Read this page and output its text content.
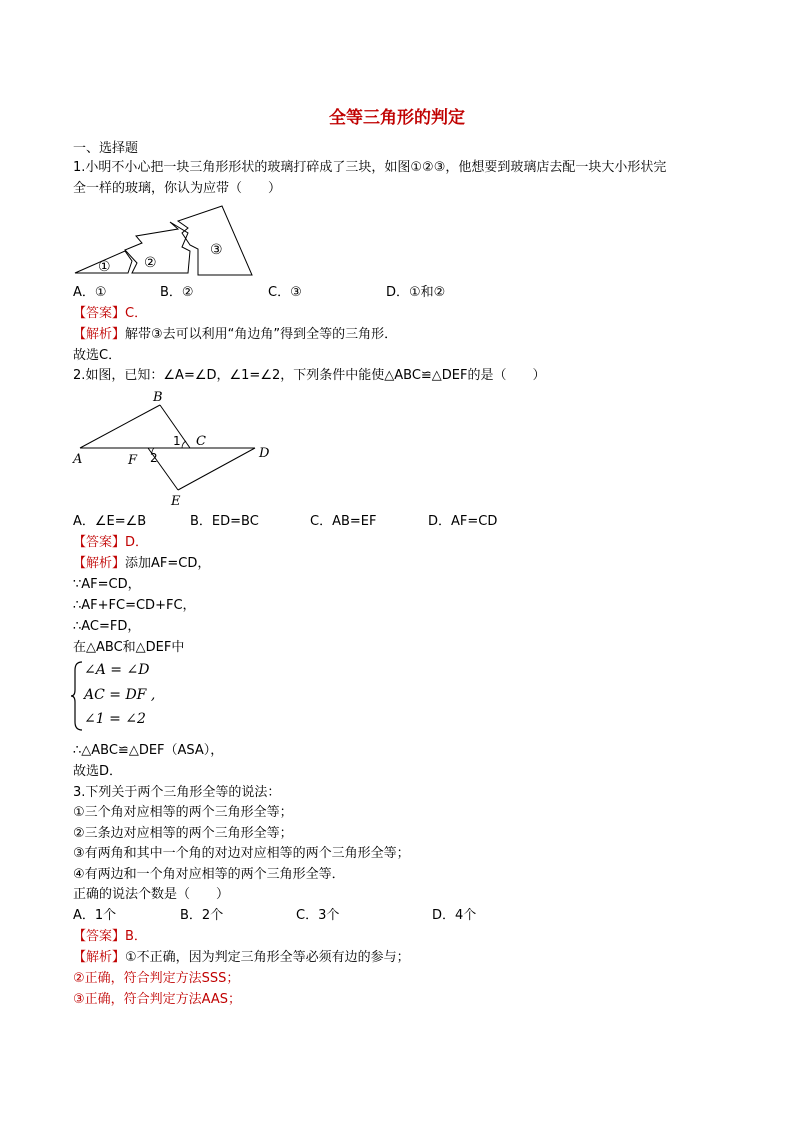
全等三角形的判定
一、选择题
1.小明不小心把一块三角形形状的玻璃打碎成了三块，如图①②③，他想要到玻璃店去配一块大小形状完
全一样的玻璃，你认为应带（　　）
① ②
③
A．①	B．②	C．③	D．①和②
【答案】C．
【解析】解带③去可以利用“角边角”得到全等的三角形．
故选C．
2.如图，已知：∠A=∠D，∠1=∠2，下列条件中能使△ABC≌△DEF的是（　　）
B
A
C
D
F
E
1
2
A．∠E=∠B	B．ED=BC	C．AB=EF	D．AF=CD
【答案】D．
【解析】添加AF=CD，
∵AF=CD，
∴AF+FC=CD+FC，
∴AC=FD，
在△ABC和△DEF中
∠A = ∠D
AC = DF ,
∠1 = ∠2
∴△ABC≌△DEF（ASA），
故选D．
3.下列关于两个三角形全等的说法：
①三个角对应相等的两个三角形全等；
②三条边对应相等的两个三角形全等；
③有两角和其中一个角的对边对应相等的两个三角形全等；
④有两边和一个角对应相等的两个三角形全等．
正确的说法个数是（　　）
A．1个	B．2个	C．3个	D．4个
【答案】B．
【解析】①不正确，因为判定三角形全等必须有边的参与；
②正确，符合判定方法SSS；
③正确，符合判定方法AAS；
